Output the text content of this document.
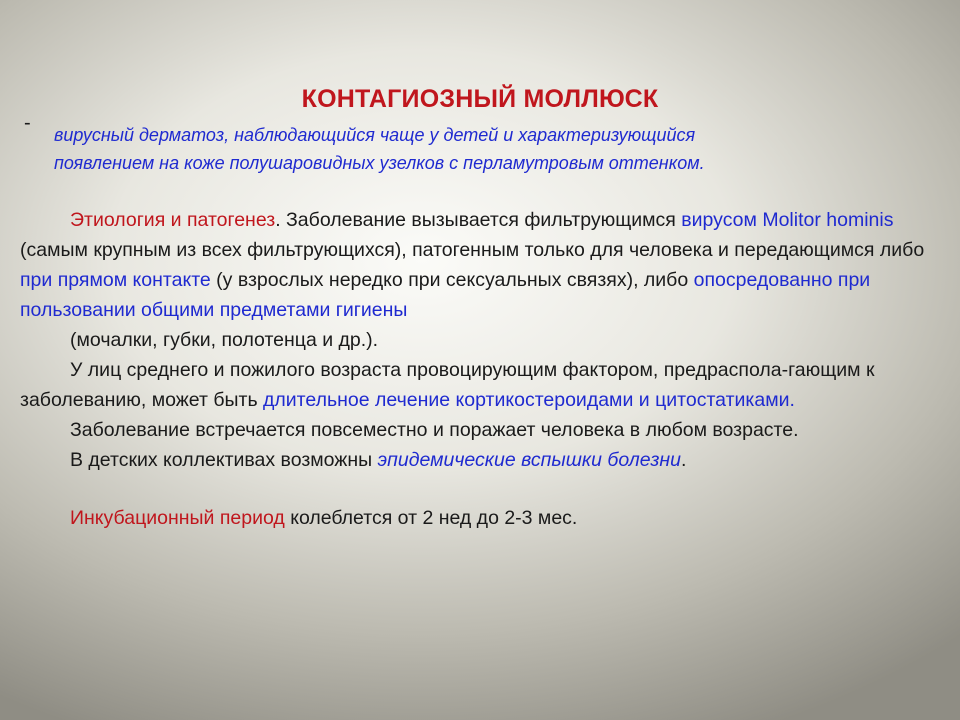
КОНТАГИОЗНЫЙ МОЛЛЮСК
-
вирусный дерматоз, наблюдающийся чаще у детей и характеризующийся
появлением на коже полушаровидных узелков с перламутровым оттенком.

Этиология и патогенез. Заболевание вызывается фильтрующимся вирусом Molitor hominis (самым крупным из всех фильтрующихся), патогенным только для человека и передающимся либо при прямом контакте (у взрослых нередко при сексуальных связях), либо опосредованно при пользовании общими предметами гигиены

(мочалки, губки, полотенца и др.).

У лиц среднего и пожилого возраста провоцирующим фактором, предраспола-гающим к заболеванию, может быть длительное лечение кортикостероидами и цитостатиками.

Заболевание встречается повсеместно и поражает человека в любом возрасте.

В детских коллективах возможны эпидемические вспышки болезни.

Инкубационный период колеблется от 2 нед до 2-3 мес.
